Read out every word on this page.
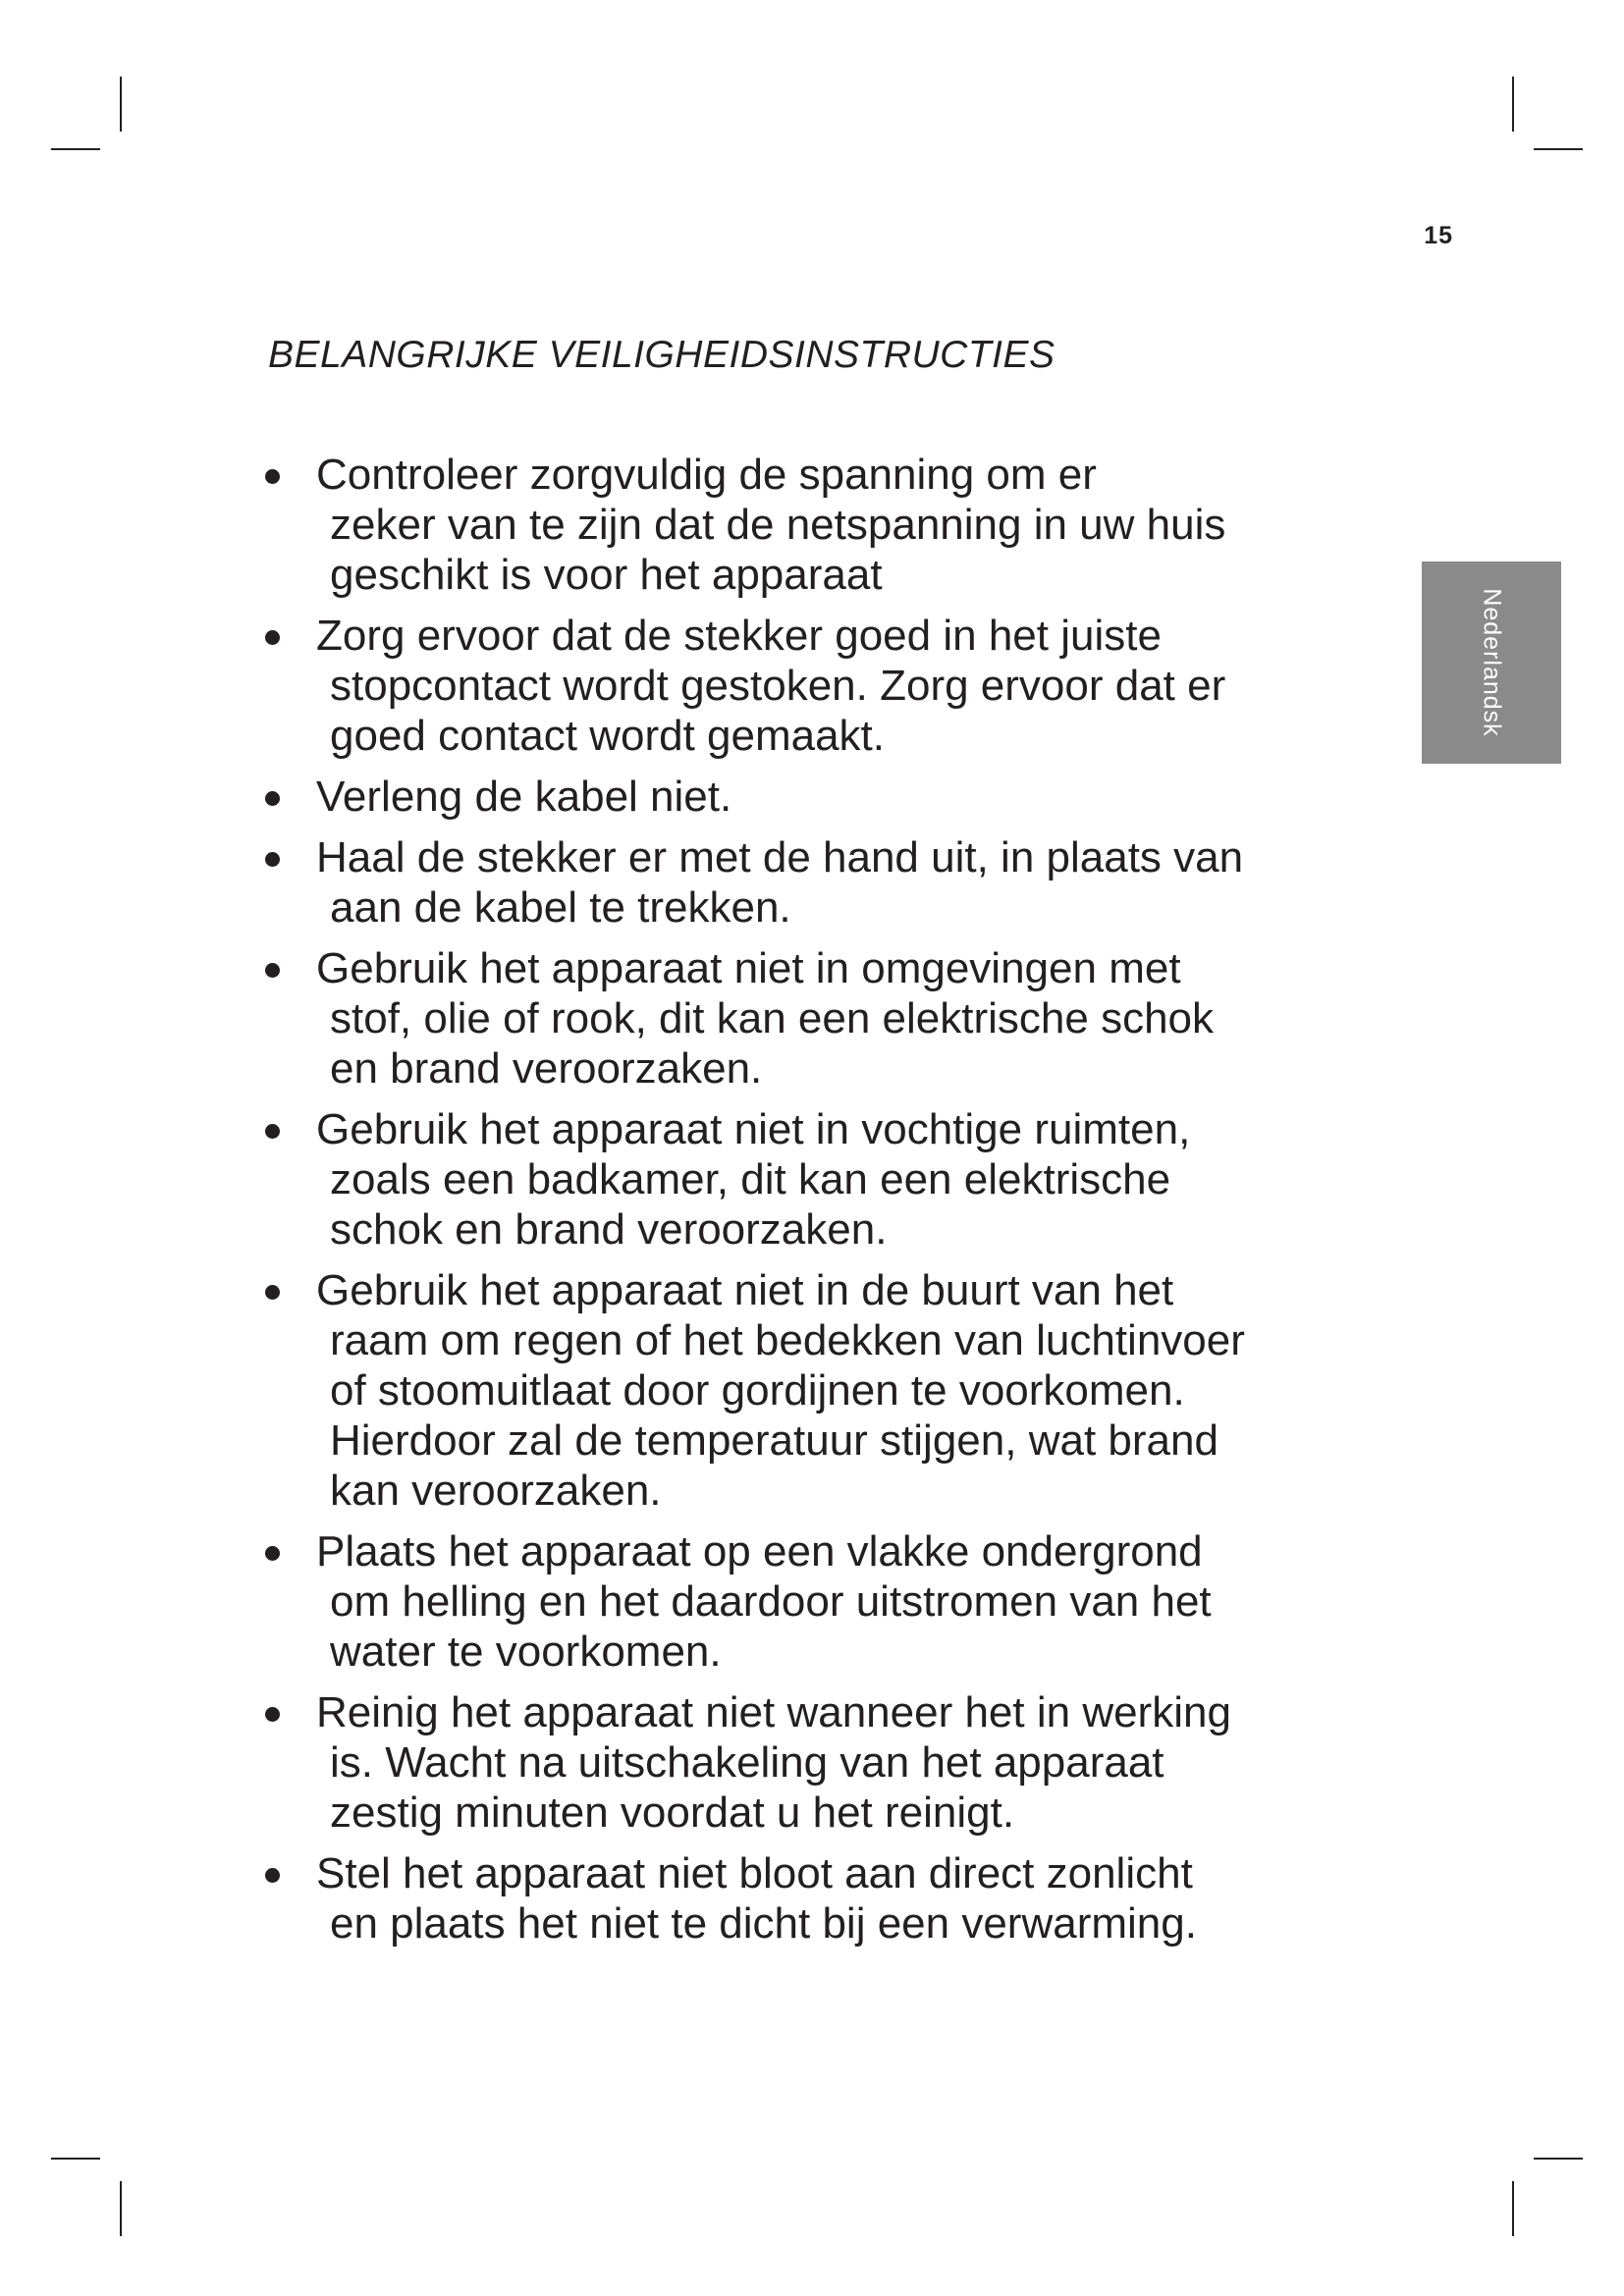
15
Nederlandsk
BELANGRIJKE VEILIGHEIDSINSTRUCTIES
Controleer zorgvuldig de spanning om er
zeker van te zijn dat de netspanning in uw huis
geschikt is voor het apparaat
Zorg ervoor dat de stekker goed in het juiste
stopcontact wordt gestoken. Zorg ervoor dat er
goed contact wordt gemaakt.
Verleng de kabel niet.
Haal de stekker er met de hand uit, in plaats van
aan de kabel te trekken.
Gebruik het apparaat niet in omgevingen met
stof, olie of rook, dit kan een elektrische schok
en brand veroorzaken.
Gebruik het apparaat niet in vochtige ruimten,
zoals een badkamer, dit kan een elektrische
schok en brand veroorzaken.
Gebruik het apparaat niet in de buurt van het
raam om regen of het bedekken van luchtinvoer
of stoomuitlaat door gordijnen te voorkomen.
Hierdoor zal de temperatuur stijgen, wat brand
kan veroorzaken.
Plaats het apparaat op een vlakke ondergrond
om helling en het daardoor uitstromen van het
water te voorkomen.
Reinig het apparaat niet wanneer het in werking
is. Wacht na uitschakeling van het apparaat
zestig minuten voordat u het reinigt.
Stel het apparaat niet bloot aan direct zonlicht
en plaats het niet te dicht bij een verwarming.
